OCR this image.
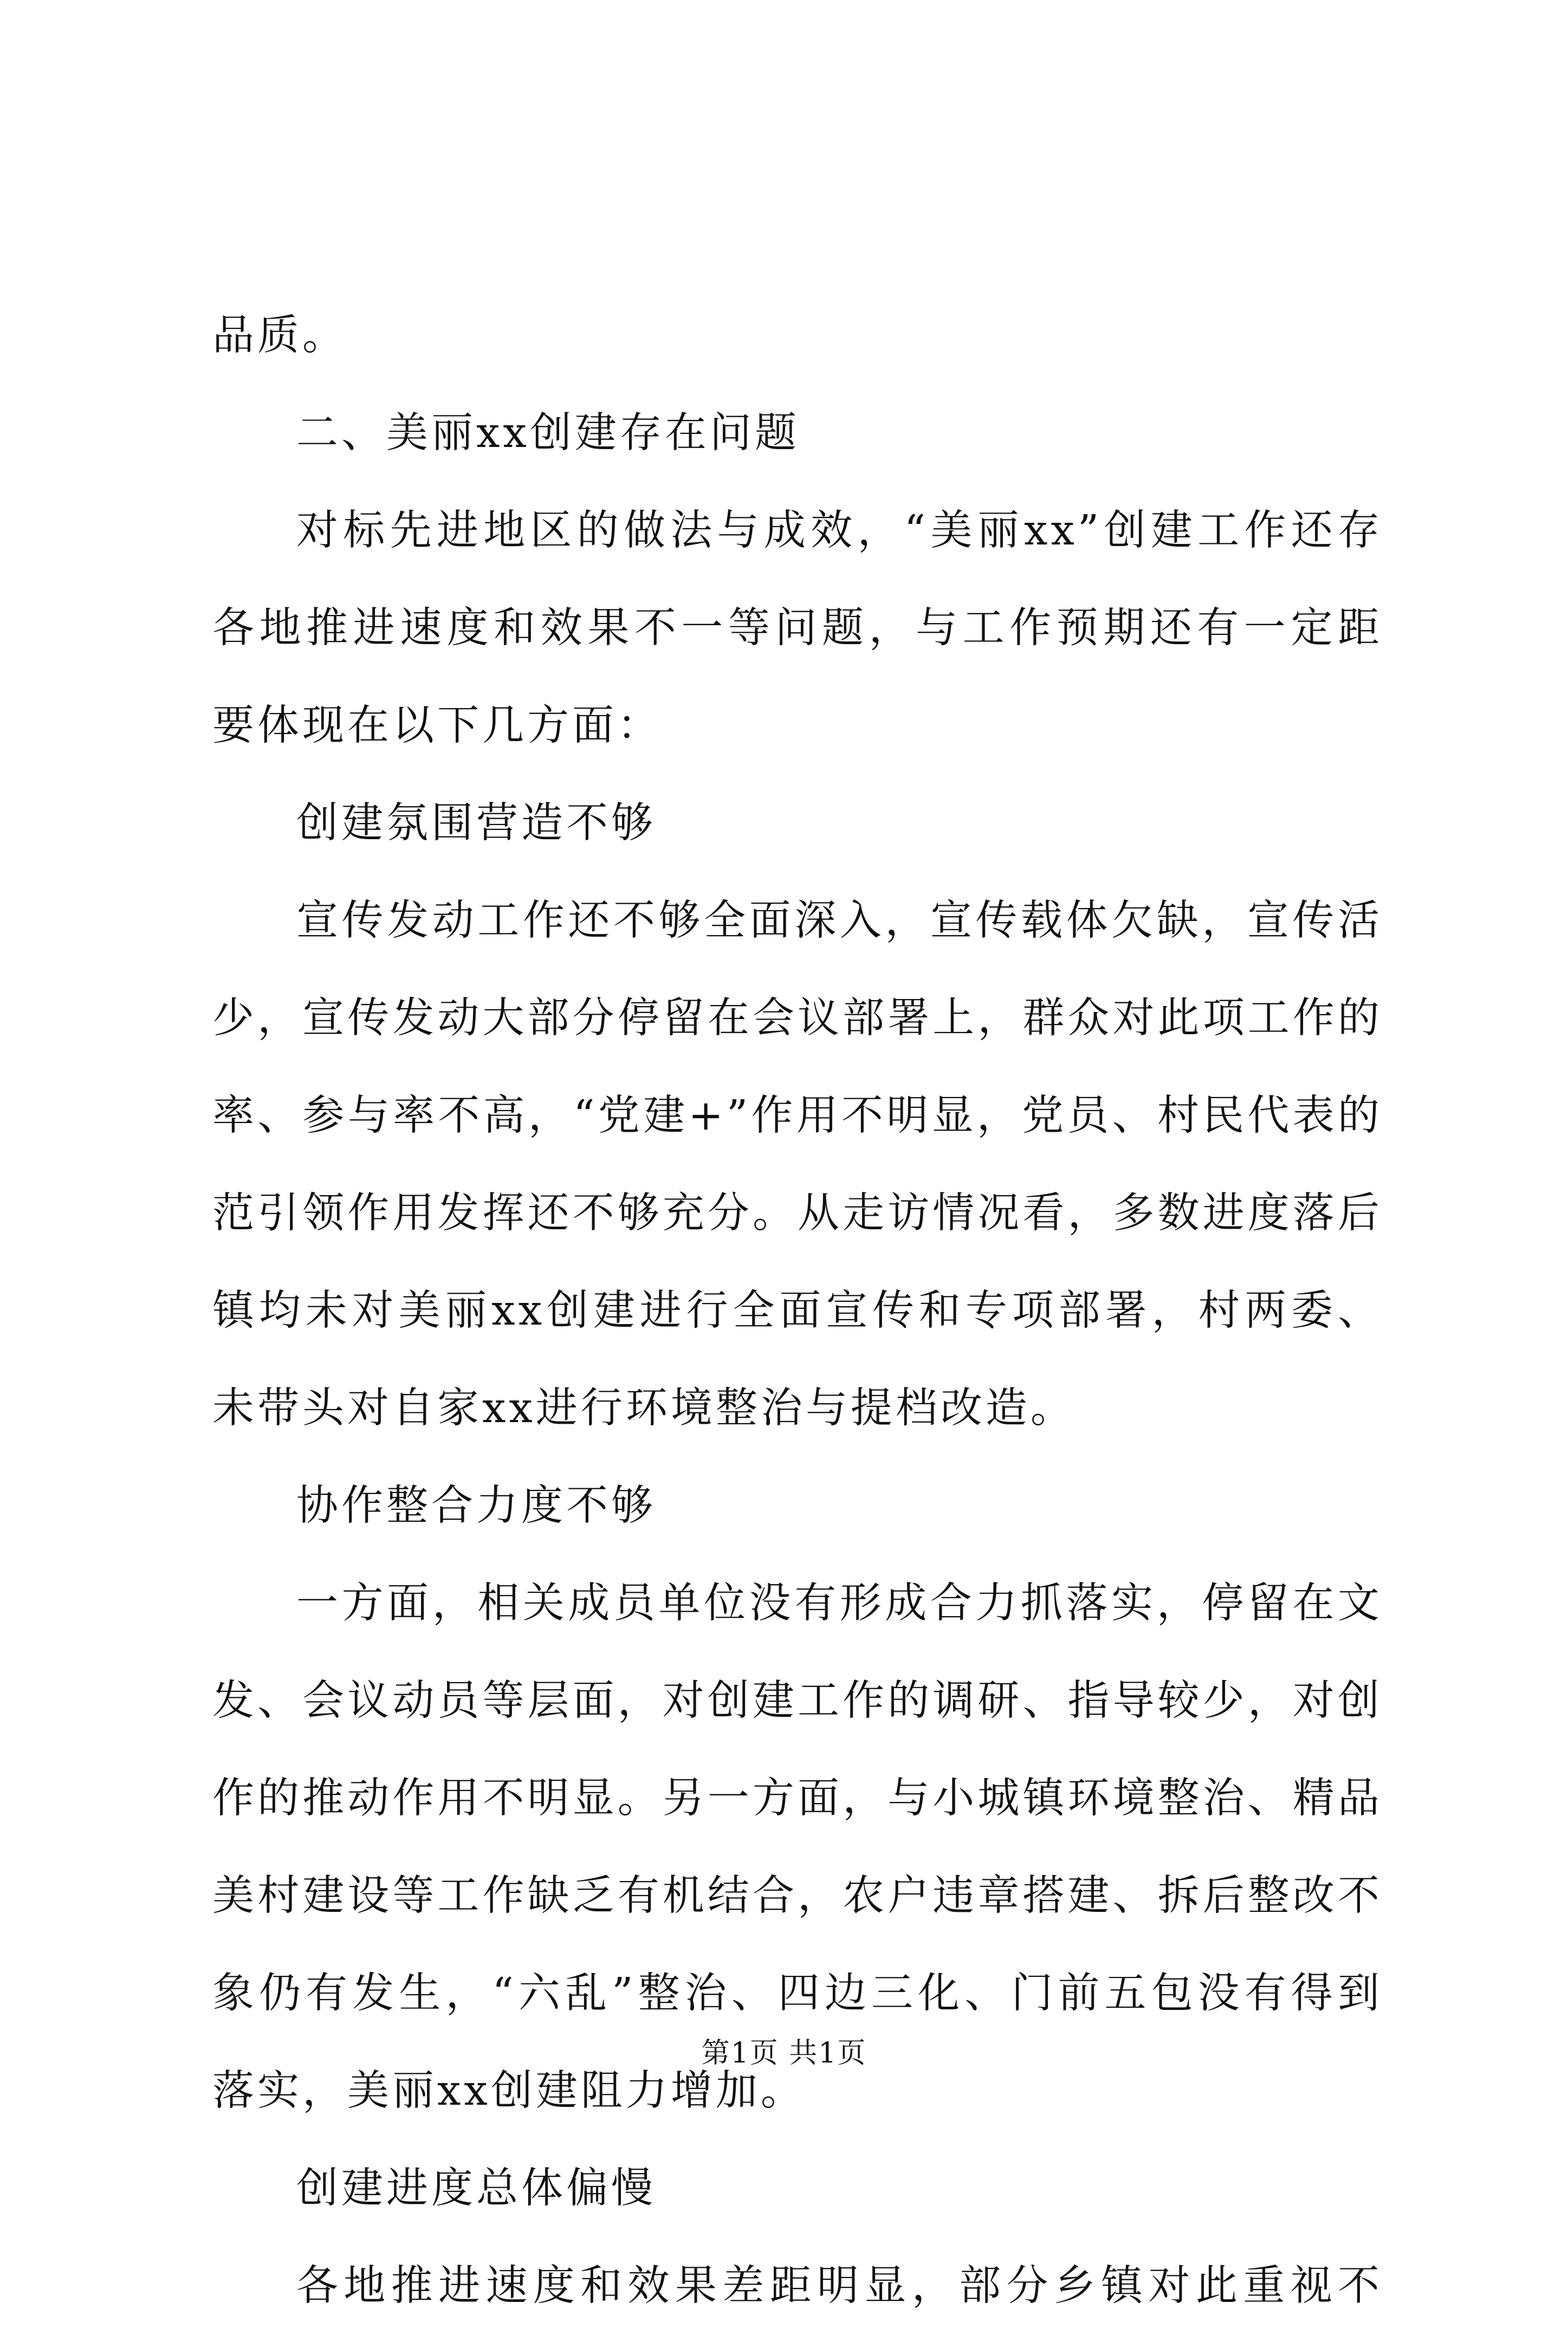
品质。
二、美丽xx创建存在问题
对标先进地区的做法与成效，“美丽xx”创建工作还存
各地推进速度和效果不一等问题，与工作预期还有一定距
要体现在以下几方面：
创建氛围营造不够
宣传发动工作还不够全面深入，宣传载体欠缺，宣传活
少，宣传发动大部分停留在会议部署上，群众对此项工作的
率、参与率不高，“党建+”作用不明显，党员、村民代表的
范引领作用发挥还不够充分。从走访情况看，多数进度落后
镇均未对美丽xx创建进行全面宣传和专项部署，村两委、
未带头对自家xx进行环境整治与提档改造。
协作整合力度不够
一方面，相关成员单位没有形成合力抓落实，停留在文
发、会议动员等层面，对创建工作的调研、指导较少，对创
作的推动作用不明显。另一方面，与小城镇环境整治、精品
美村建设等工作缺乏有机结合，农户违章搭建、拆后整改不
象仍有发生，“六乱”整治、四边三化、门前五包没有得到
落实，美丽xx创建阻力增加。
创建进度总体偏慢
各地推进速度和效果差距明显，部分乡镇对此重视不
第1页 共1页
